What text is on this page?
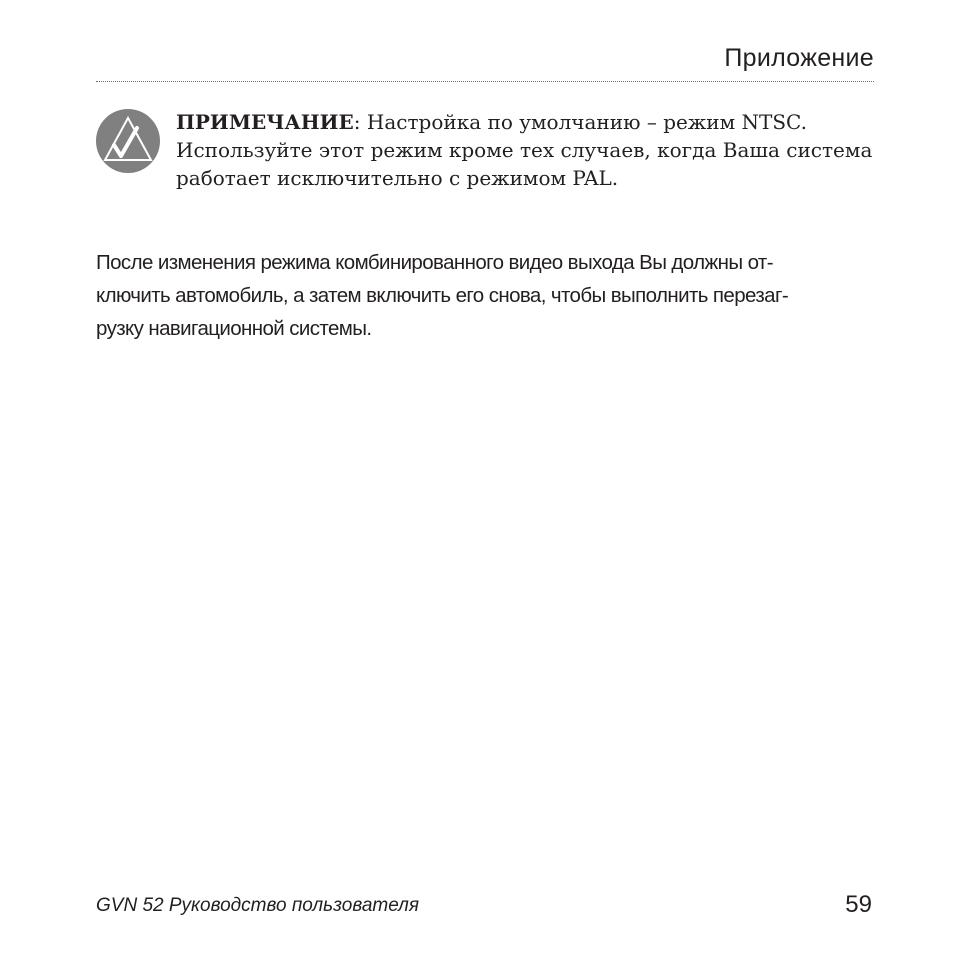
Приложение
ПРИМЕЧАНИЕ: Настройка по умолчанию – режим NTSC.
Используйте этот режим кроме тех случаев, когда Ваша система
работает исключительно с режимом PAL.
После изменения режима комбинированного видео выхода Вы должны от-
ключить автомобиль, а затем включить его снова, чтобы выполнить перезаг-
рузку навигационной системы.
GVN 52 Руководство пользователя	59
